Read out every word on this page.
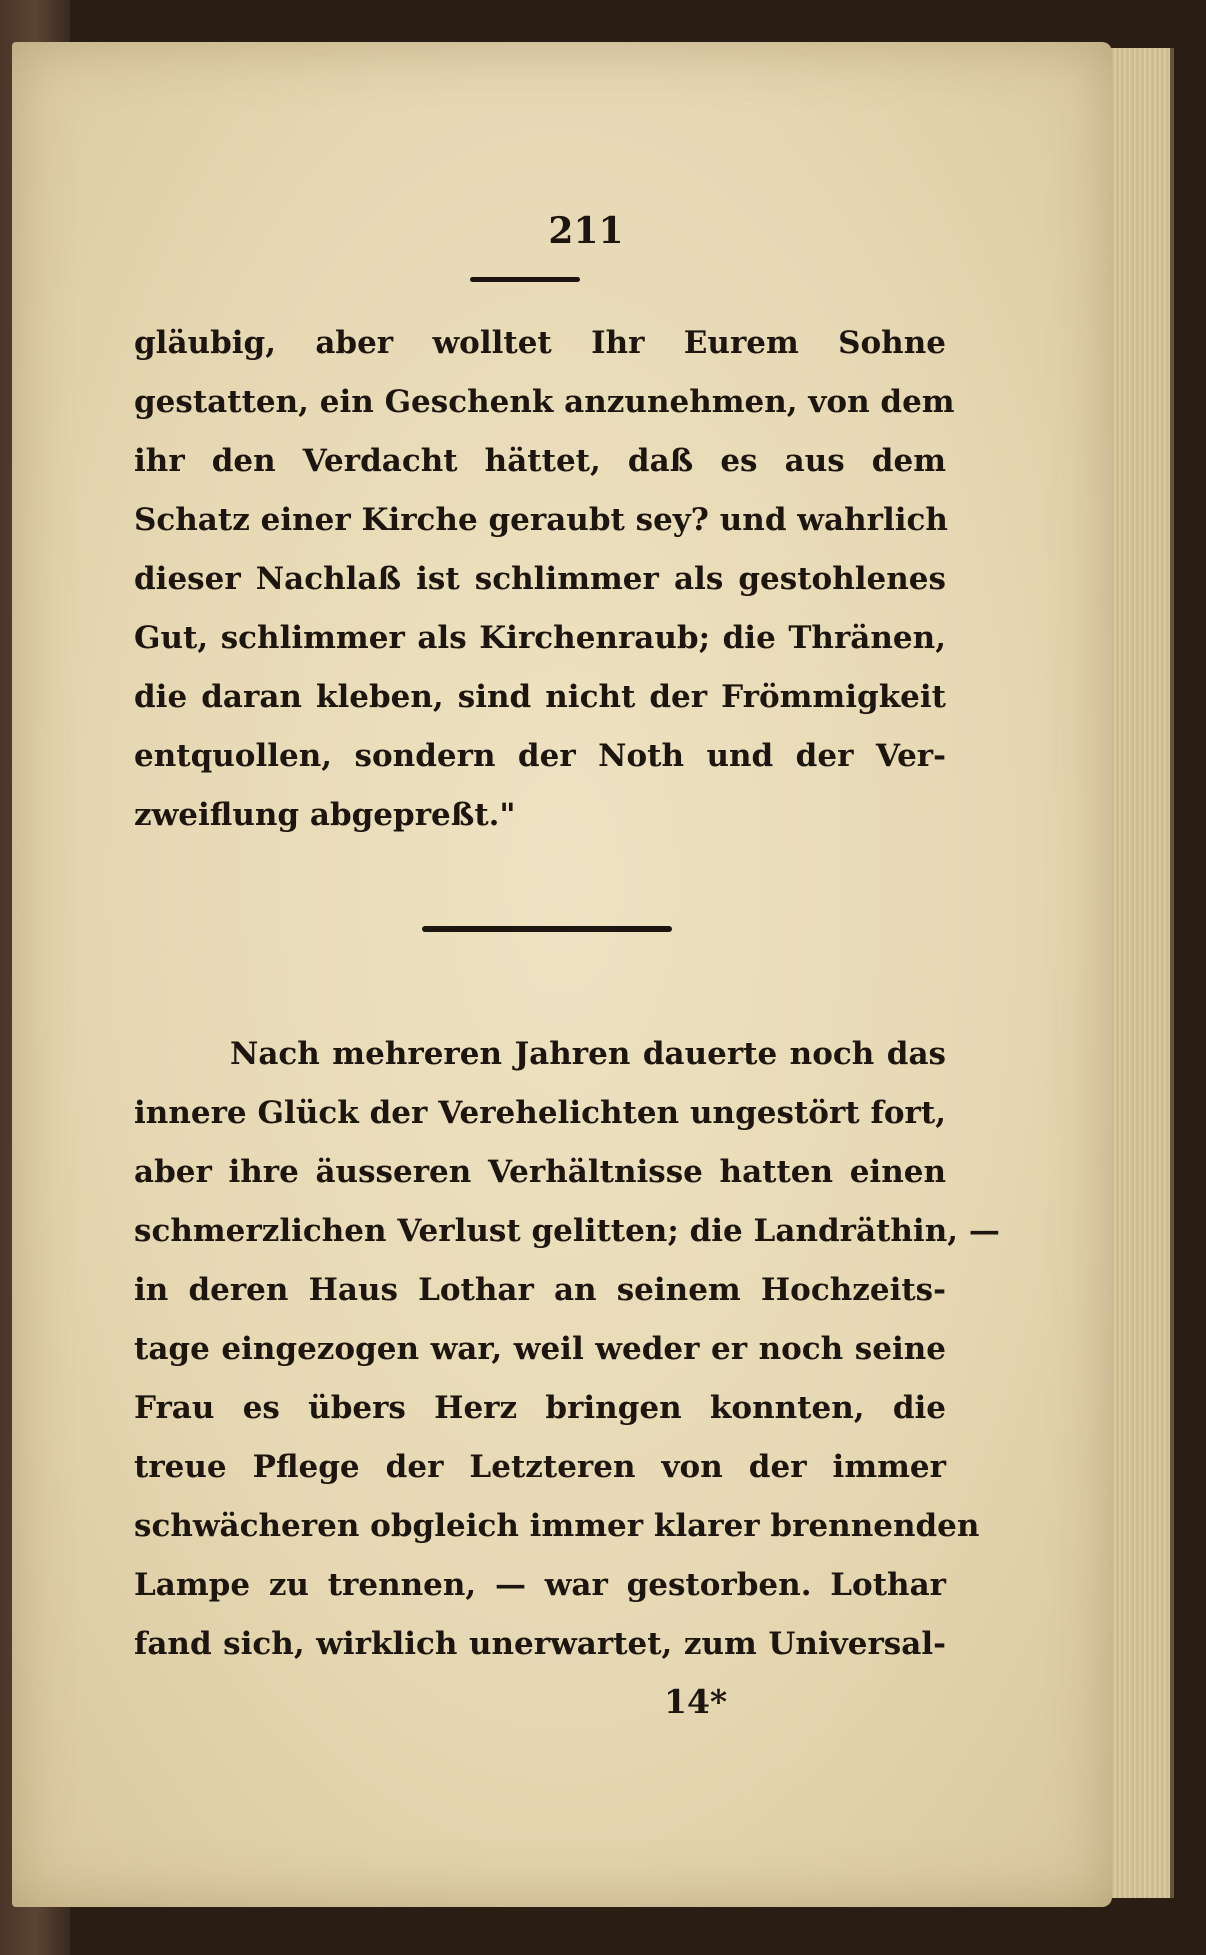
211
gläubig, aber wolltet Ihr Eurem Sohne
gestatten, ein Geschenk anzunehmen, von dem
ihr den Verdacht hättet, daß es aus dem
Schatz einer Kirche geraubt sey? und wahrlich
dieser Nachlaß ist schlimmer als gestohlenes
Gut, schlimmer als Kirchenraub; die Thränen,
die daran kleben, sind nicht der Frömmigkeit
entquollen, sondern der Noth und der Ver-
zweiflung abgepreßt."
Nach mehreren Jahren dauerte noch das
innere Glück der Verehelichten ungestört fort,
aber ihre äusseren Verhältnisse hatten einen
schmerzlichen Verlust gelitten; die Landräthin, —
in deren Haus Lothar an seinem Hochzeits-
tage eingezogen war, weil weder er noch seine
Frau es übers Herz bringen konnten, die
treue Pflege der Letzteren von der immer
schwächeren obgleich immer klarer brennenden
Lampe zu trennen, — war gestorben. Lothar
fand sich, wirklich unerwartet, zum Universal-
14*
